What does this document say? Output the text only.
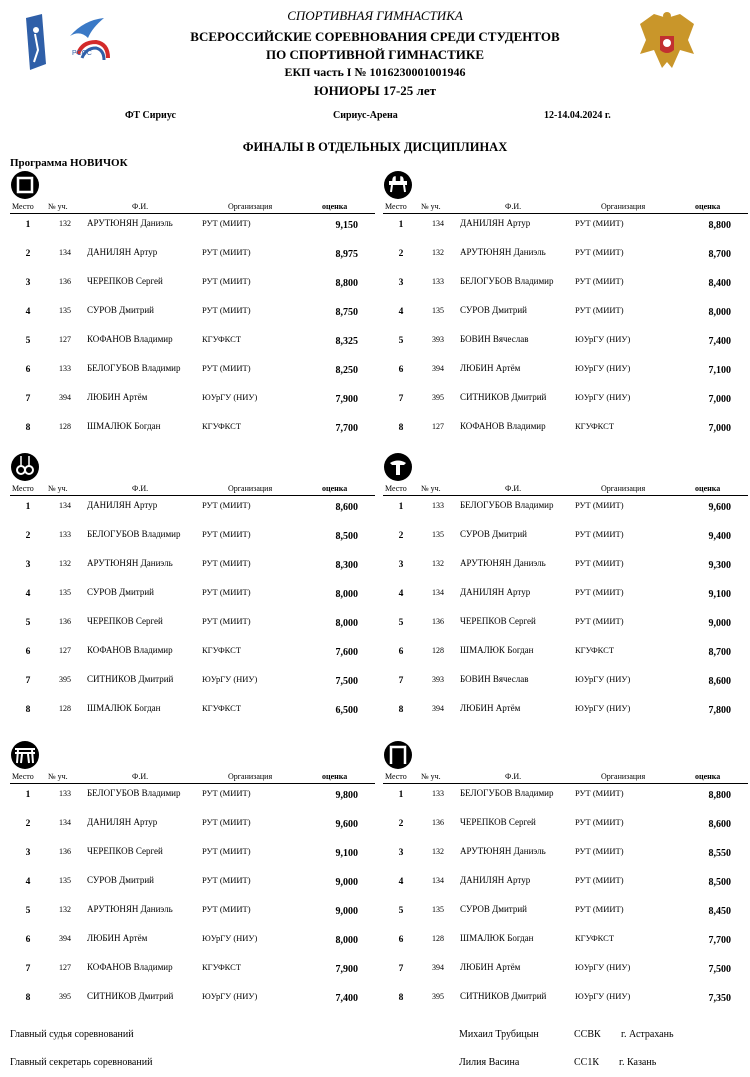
РССС
СПОРТИВНАЯ ГИМНАСТИКА
ВСЕРОССИЙСКИЕ СОРЕВНОВАНИЯ СРЕДИ СТУДЕНТОВ
ПО СПОРТИВНОЙ ГИМНАСТИКЕ
ЕКП часть I № 1016230001001946
ЮНИОРЫ 17-25 лет
ФТ Сириус	Сириус-Арена	12-14.04.2024 г.
ФИНАЛЫ В ОТДЕЛЬНЫХ ДИСЦИПЛИНАХ
Программа НОВИЧОК
Место № уч.	Ф.И.	Организация	оценка
1	132	АРУТЮНЯН Даниэль	РУТ (МИИТ)	9,150
2	134	ДАНИЛЯН Артур	РУТ (МИИТ)	8,975
3	136	ЧЕРЕПКОВ Сергей	РУТ (МИИТ)	8,800
4	135	СУРОВ Дмитрий	РУТ (МИИТ)	8,750
5	127	КОФАНОВ Владимир	КГУФКСТ	8,325
6	133	БЕЛОГУБОВ Владимир	РУТ (МИИТ)	8,250
7	394	ЛЮБИН Артём	ЮУрГУ (НИУ)	7,900
8	128	ШМАЛЮК Богдан	КГУФКСТ	7,700
Место № уч.	Ф.И.	Организация	оценка
1	134	ДАНИЛЯН Артур	РУТ (МИИТ)	8,800
2	132	АРУТЮНЯН Даниэль	РУТ (МИИТ)	8,700
3	133	БЕЛОГУБОВ Владимир	РУТ (МИИТ)	8,400
4	135	СУРОВ Дмитрий	РУТ (МИИТ)	8,000
5	393	БОВИН Вячеслав	ЮУрГУ (НИУ)	7,400
6	394	ЛЮБИН Артём	ЮУрГУ (НИУ)	7,100
7	395	СИТНИКОВ Дмитрий	ЮУрГУ (НИУ)	7,000
8	127	КОФАНОВ Владимир	КГУФКСТ	7,000
Место № уч.	Ф.И.	Организация	оценка
1	134	ДАНИЛЯН Артур	РУТ (МИИТ)	8,600
2	133	БЕЛОГУБОВ Владимир	РУТ (МИИТ)	8,500
3	132	АРУТЮНЯН Даниэль	РУТ (МИИТ)	8,300
4	135	СУРОВ Дмитрий	РУТ (МИИТ)	8,000
5	136	ЧЕРЕПКОВ Сергей	РУТ (МИИТ)	8,000
6	127	КОФАНОВ Владимир	КГУФКСТ	7,600
7	395	СИТНИКОВ Дмитрий	ЮУрГУ (НИУ)	7,500
8	128	ШМАЛЮК Богдан	КГУФКСТ	6,500
Место № уч.	Ф.И.	Организация	оценка
1	133	БЕЛОГУБОВ Владимир	РУТ (МИИТ)	9,600
2	135	СУРОВ Дмитрий	РУТ (МИИТ)	9,400
3	132	АРУТЮНЯН Даниэль	РУТ (МИИТ)	9,300
4	134	ДАНИЛЯН Артур	РУТ (МИИТ)	9,100
5	136	ЧЕРЕПКОВ Сергей	РУТ (МИИТ)	9,000
6	128	ШМАЛЮК Богдан	КГУФКСТ	8,700
7	393	БОВИН Вячеслав	ЮУрГУ (НИУ)	8,600
8	394	ЛЮБИН Артём	ЮУрГУ (НИУ)	7,800
Место № уч.	Ф.И.	Организация	оценка
1	133	БЕЛОГУБОВ Владимир	РУТ (МИИТ)	9,800
2	134	ДАНИЛЯН Артур	РУТ (МИИТ)	9,600
3	136	ЧЕРЕПКОВ Сергей	РУТ (МИИТ)	9,100
4	135	СУРОВ Дмитрий	РУТ (МИИТ)	9,000
5	132	АРУТЮНЯН Даниэль	РУТ (МИИТ)	9,000
6	394	ЛЮБИН Артём	ЮУрГУ (НИУ)	8,000
7	127	КОФАНОВ Владимир	КГУФКСТ	7,900
8	395	СИТНИКОВ Дмитрий	ЮУрГУ (НИУ)	7,400
Место № уч.	Ф.И.	Организация	оценка
1	133	БЕЛОГУБОВ Владимир	РУТ (МИИТ)	8,800
2	136	ЧЕРЕПКОВ Сергей	РУТ (МИИТ)	8,600
3	132	АРУТЮНЯН Даниэль	РУТ (МИИТ)	8,550
4	134	ДАНИЛЯН Артур	РУТ (МИИТ)	8,500
5	135	СУРОВ Дмитрий	РУТ (МИИТ)	8,450
6	128	ШМАЛЮК Богдан	КГУФКСТ	7,700
7	394	ЛЮБИН Артём	ЮУрГУ (НИУ)	7,500
8	395	СИТНИКОВ Дмитрий	ЮУрГУ (НИУ)	7,350
Главный судья соревнований	Михаил Трубицын	ССВК г. Астрахань
Главный секретарь соревнований	Лилия Васина	СС1К г. Казань
